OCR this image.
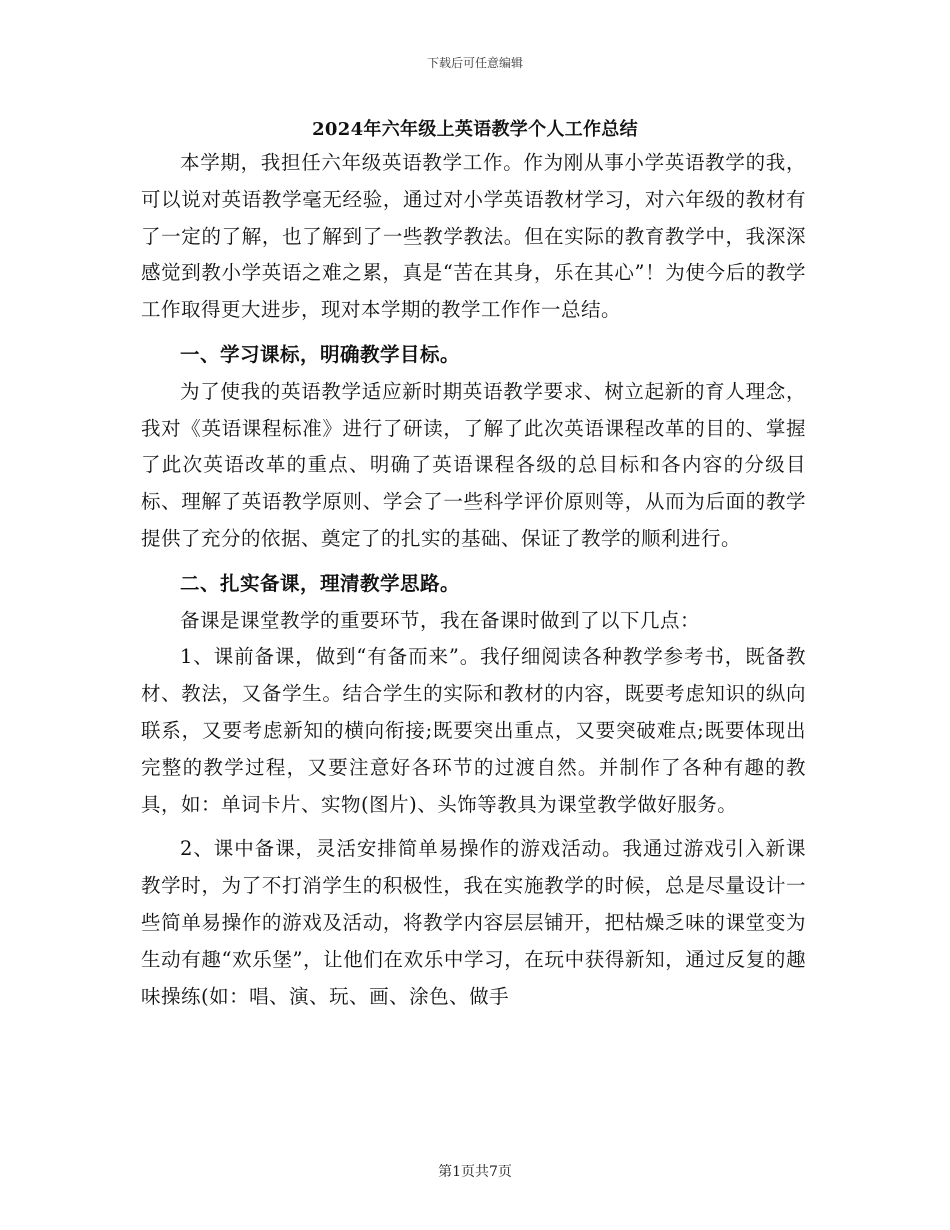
下载后可任意编辑
2024年六年级上英语教学个人工作总结

本学期，我担任六年级英语教学工作。作为刚从事小学英语教学的我，可以说对英语教学毫无经验，通过对小学英语教材学习，对六年级的教材有了一定的了解，也了解到了一些教学教法。但在实际的教育教学中，我深深感觉到教小学英语之难之累，真是“苦在其身，乐在其心”！为使今后的教学工作取得更大进步，现对本学期的教学工作作一总结。

一、学习课标，明确教学目标。

为了使我的英语教学适应新时期英语教学要求、树立起新的育人理念，我对《英语课程标准》进行了研读，了解了此次英语课程改革的目的、掌握了此次英语改革的重点、明确了英语课程各级的总目标和各内容的分级目标、理解了英语教学原则、学会了一些科学评价原则等，从而为后面的教学提供了充分的依据、奠定了的扎实的基础、保证了教学的顺利进行。

二、扎实备课，理清教学思路。

备课是课堂教学的重要环节，我在备课时做到了以下几点：

1、课前备课，做到“有备而来”。我仔细阅读各种教学参考书，既备教材、教法，又备学生。结合学生的实际和教材的内容，既要考虑知识的纵向联系，又要考虑新知的横向衔接;既要突出重点，又要突破难点;既要体现出完整的教学过程，又要注意好各环节的过渡自然。并制作了各种有趣的教具，如：单词卡片、实物(图片)、头饰等教具为课堂教学做好服务。

2、课中备课，灵活安排简单易操作的游戏活动。我通过游戏引入新课教学时，为了不打消学生的积极性，我在实施教学的时候，总是尽量设计一些简单易操作的游戏及活动，将教学内容层层铺开，把枯燥乏味的课堂变为生动有趣“欢乐堡”，让他们在欢乐中学习，在玩中获得新知，通过反复的趣味操练(如：唱、演、玩、画、涂色、做手

第1页共7页
